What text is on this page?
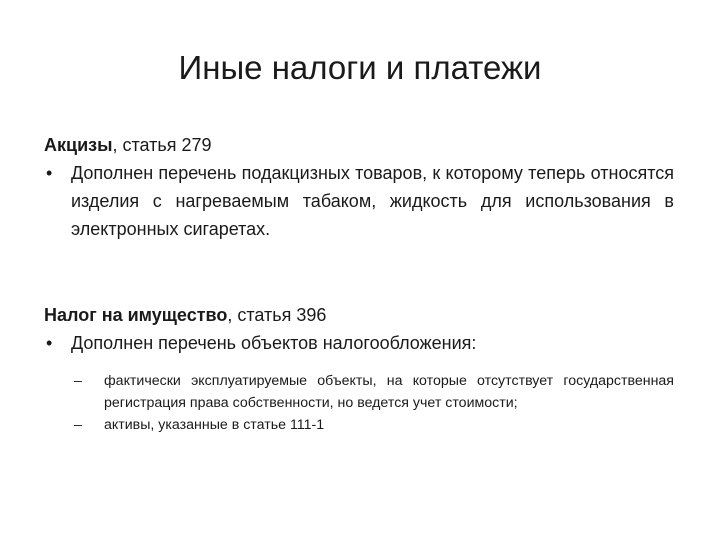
Иные налоги и платежи

Акцизы, статья 279

• Дополнен перечень подакцизных товаров, к которому теперь относятся изделия с нагреваемым табаком, жидкость для использования в электронных сигаретах.

Налог на имущество, статья 396

• Дополнен перечень объектов налогообложения:

– фактически эксплуатируемые объекты, на которые отсутствует государственная регистрация права собственности, но ведется учет стоимости;

– активы, указанные в статье 111-1
